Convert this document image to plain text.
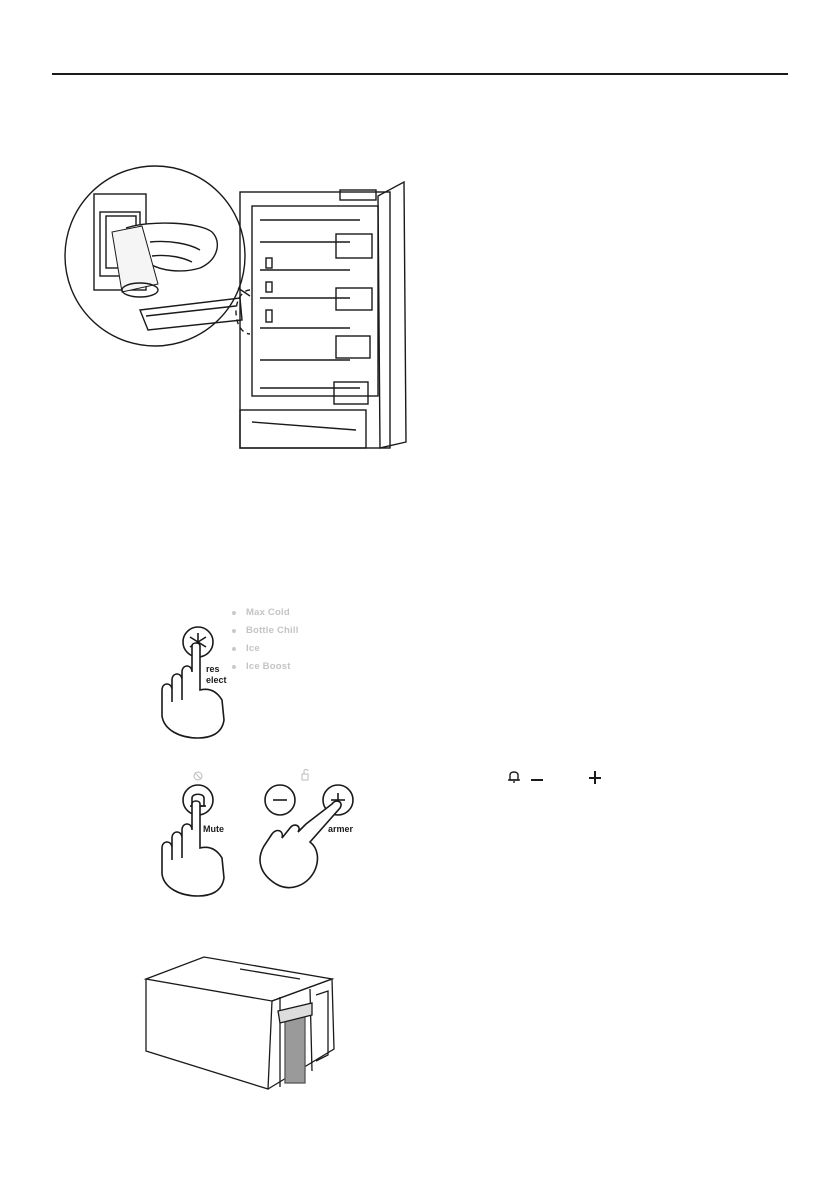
res
elect
Max Cold
Bottle Chill
Ice
Ice Boost
Mute	armer
